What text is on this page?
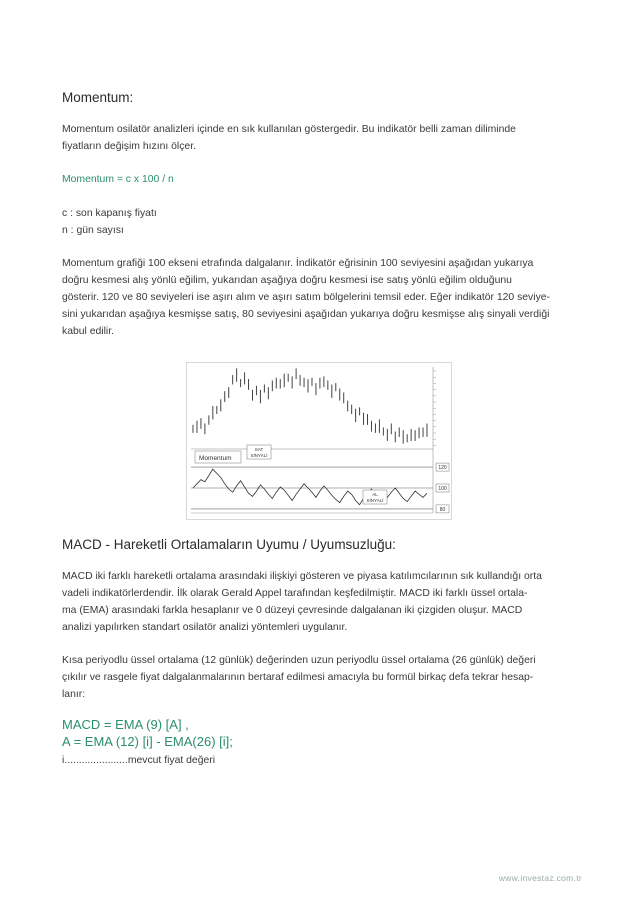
Momentum:
Momentum osilatör analizleri içinde en sık kullanılan göstergedir. Bu indikatör belli zaman diliminde
fiyatların değişim hızını ölçer.
Momentum = c x 100 / n
c : son kapanış fiyatı
n : gün sayısı
Momentum grafiği 100 ekseni etrafında dalgalanır. İndikatör eğrisinin 100 seviyesini aşağıdan yukarıya
doğru kesmesi alış yönlü eğilim, yukarıdan aşağıya doğru kesmesi ise satış yönlü eğilim olduğunu
gösterir. 120 ve 80 seviyeleri ise aşırı alım ve aşırı satım bölgelerini temsil eder. Eğer indikatör 120 seviye-
sini yukarıdan aşağıya kesmişse satış, 80 seviyesini aşağıdan yukarıya doğru kesmişse alış sinyali verdiği
kabul edilir.
Momentum
SAT
SİNYALİ
AL
SİNYALİ
120
100
80
MACD - Hareketli Ortalamaların Uyumu / Uyumsuzluğu:
MACD iki farklı hareketli ortalama arasındaki ilişkiyi gösteren ve piyasa katılımcılarının sık kullandığı orta
vadeli indikatörlerdendir. İlk olarak Gerald Appel tarafından keşfedilmiştir. MACD iki farklı üssel ortala-
ma (EMA) arasındaki farkla hesaplanır ve 0 düzeyi çevresinde dalgalanan iki çizgiden oluşur. MACD
analizi yapılırken standart osilatör analizi yöntemleri uygulanır.
Kısa periyodlu üssel ortalama (12 günlük) değerinden uzun periyodlu üssel ortalama (26 günlük) değeri
çıkılır ve rasgele fiyat dalgalanmalarının bertaraf edilmesi amacıyla bu formül birkaç defa tekrar hesap-
lanır:
MACD = EMA (9) [A] ,
A = EMA (12) [i] - EMA(26) [i];
i......................mevcut fiyat değeri
www.investaz.com.tr
